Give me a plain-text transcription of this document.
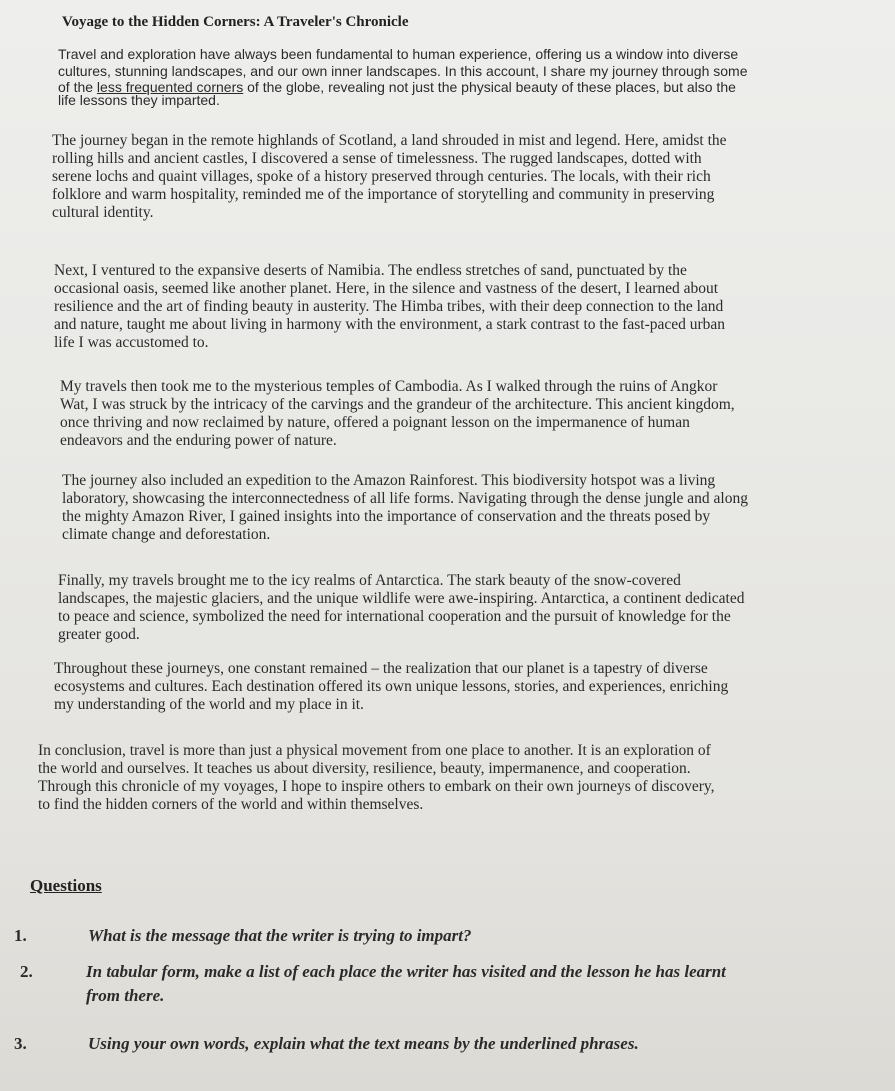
Voyage to the Hidden Corners: A Traveler's Chronicle

Travel and exploration have always been fundamental to human experience, offering us a window into diverse
cultures, stunning landscapes, and our own inner landscapes. In this account, I share my journey through some
of the less frequented corners of the globe, revealing not just the physical beauty of these places, but also the
life lessons they imparted.

The journey began in the remote highlands of Scotland, a land shrouded in mist and legend. Here, amidst the
rolling hills and ancient castles, I discovered a sense of timelessness. The rugged landscapes, dotted with
serene lochs and quaint villages, spoke of a history preserved through centuries. The locals, with their rich
folklore and warm hospitality, reminded me of the importance of storytelling and community in preserving
cultural identity.

Next, I ventured to the expansive deserts of Namibia. The endless stretches of sand, punctuated by the
occasional oasis, seemed like another planet. Here, in the silence and vastness of the desert, I learned about
resilience and the art of finding beauty in austerity. The Himba tribes, with their deep connection to the land
and nature, taught me about living in harmony with the environment, a stark contrast to the fast-paced urban
life I was accustomed to.

My travels then took me to the mysterious temples of Cambodia. As I walked through the ruins of Angkor
Wat, I was struck by the intricacy of the carvings and the grandeur of the architecture. This ancient kingdom,
once thriving and now reclaimed by nature, offered a poignant lesson on the impermanence of human
endeavors and the enduring power of nature.

The journey also included an expedition to the Amazon Rainforest. This biodiversity hotspot was a living
laboratory, showcasing the interconnectedness of all life forms. Navigating through the dense jungle and along
the mighty Amazon River, I gained insights into the importance of conservation and the threats posed by
climate change and deforestation.

Finally, my travels brought me to the icy realms of Antarctica. The stark beauty of the snow-covered
landscapes, the majestic glaciers, and the unique wildlife were awe-inspiring. Antarctica, a continent dedicated
to peace and science, symbolized the need for international cooperation and the pursuit of knowledge for the
greater good.

Throughout these journeys, one constant remained – the realization that our planet is a tapestry of diverse
ecosystems and cultures. Each destination offered its own unique lessons, stories, and experiences, enriching
my understanding of the world and my place in it.

In conclusion, travel is more than just a physical movement from one place to another. It is an exploration of
the world and ourselves. It teaches us about diversity, resilience, beauty, impermanence, and cooperation.
Through this chronicle of my voyages, I hope to inspire others to embark on their own journeys of discovery,
to find the hidden corners of the world and within themselves.

Questions
1.	What is the message that the writer is trying to impart?
2.	In tabular form, make a list of each place the writer has visited and the lesson he has learnt
from there.
3.	Using your own words, explain what the text means by the underlined phrases.
